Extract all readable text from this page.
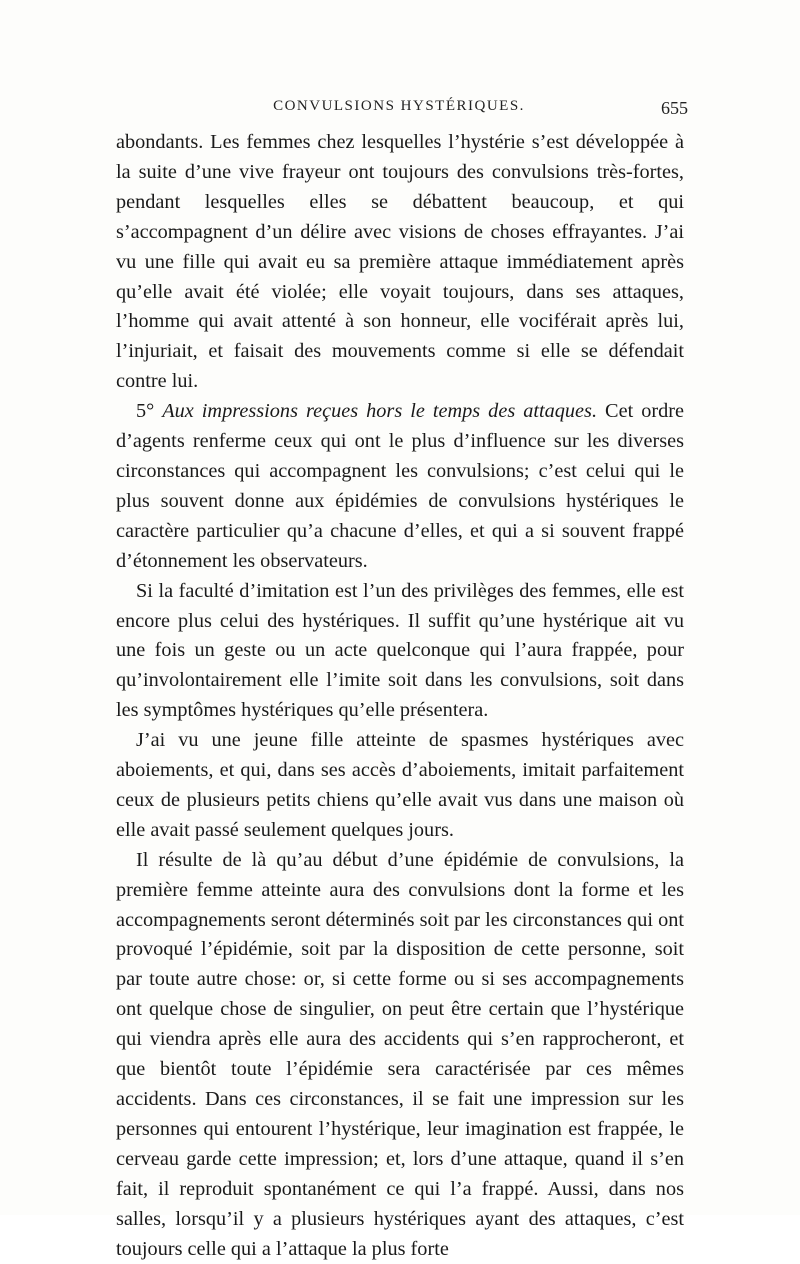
CONVULSIONS HYSTÉRIQUES.	655

abondants. Les femmes chez lesquelles l’hystérie s’est développée à la suite d’une vive frayeur ont toujours des convulsions très-fortes, pendant lesquelles elles se débattent beaucoup, et qui s’accompagnent d’un délire avec visions de choses effrayantes. J’ai vu une fille qui avait eu sa première attaque immédiatement après qu’elle avait été violée; elle voyait toujours, dans ses attaques, l’homme qui avait attenté à son honneur, elle vociférait après lui, l’injuriait, et faisait des mouvements comme si elle se défendait contre lui.

5° Aux impressions reçues hors le temps des attaques. Cet ordre d’agents renferme ceux qui ont le plus d’influence sur les diverses circonstances qui accompagnent les convulsions; c’est celui qui le plus souvent donne aux épidémies de convulsions hystériques le caractère particulier qu’a chacune d’elles, et qui a si souvent frappé d’étonnement les observateurs.

Si la faculté d’imitation est l’un des privilèges des femmes, elle est encore plus celui des hystériques. Il suffit qu’une hystérique ait vu une fois un geste ou un acte quelconque qui l’aura frappée, pour qu’involontairement elle l’imite soit dans les convulsions, soit dans les symptômes hystériques qu’elle présentera.

J’ai vu une jeune fille atteinte de spasmes hystériques avec aboiements, et qui, dans ses accès d’aboiements, imitait parfaitement ceux de plusieurs petits chiens qu’elle avait vus dans une maison où elle avait passé seulement quelques jours.

Il résulte de là qu’au début d’une épidémie de convulsions, la première femme atteinte aura des convulsions dont la forme et les accompagnements seront déterminés soit par les circonstances qui ont provoqué l’épidémie, soit par la disposition de cette personne, soit par toute autre chose: or, si cette forme ou si ses accompagnements ont quelque chose de singulier, on peut être certain que l’hystérique qui viendra après elle aura des accidents qui s’en rapprocheront, et que bientôt toute l’épidémie sera caractérisée par ces mêmes accidents. Dans ces circonstances, il se fait une impression sur les personnes qui entourent l’hystérique, leur imagination est frappée, le cerveau garde cette impression; et, lors d’une attaque, quand il s’en fait, il reproduit spontanément ce qui l’a frappé. Aussi, dans nos salles, lorsqu’il y a plusieurs hystériques ayant des attaques, c’est toujours celle qui a l’attaque la plus forte
